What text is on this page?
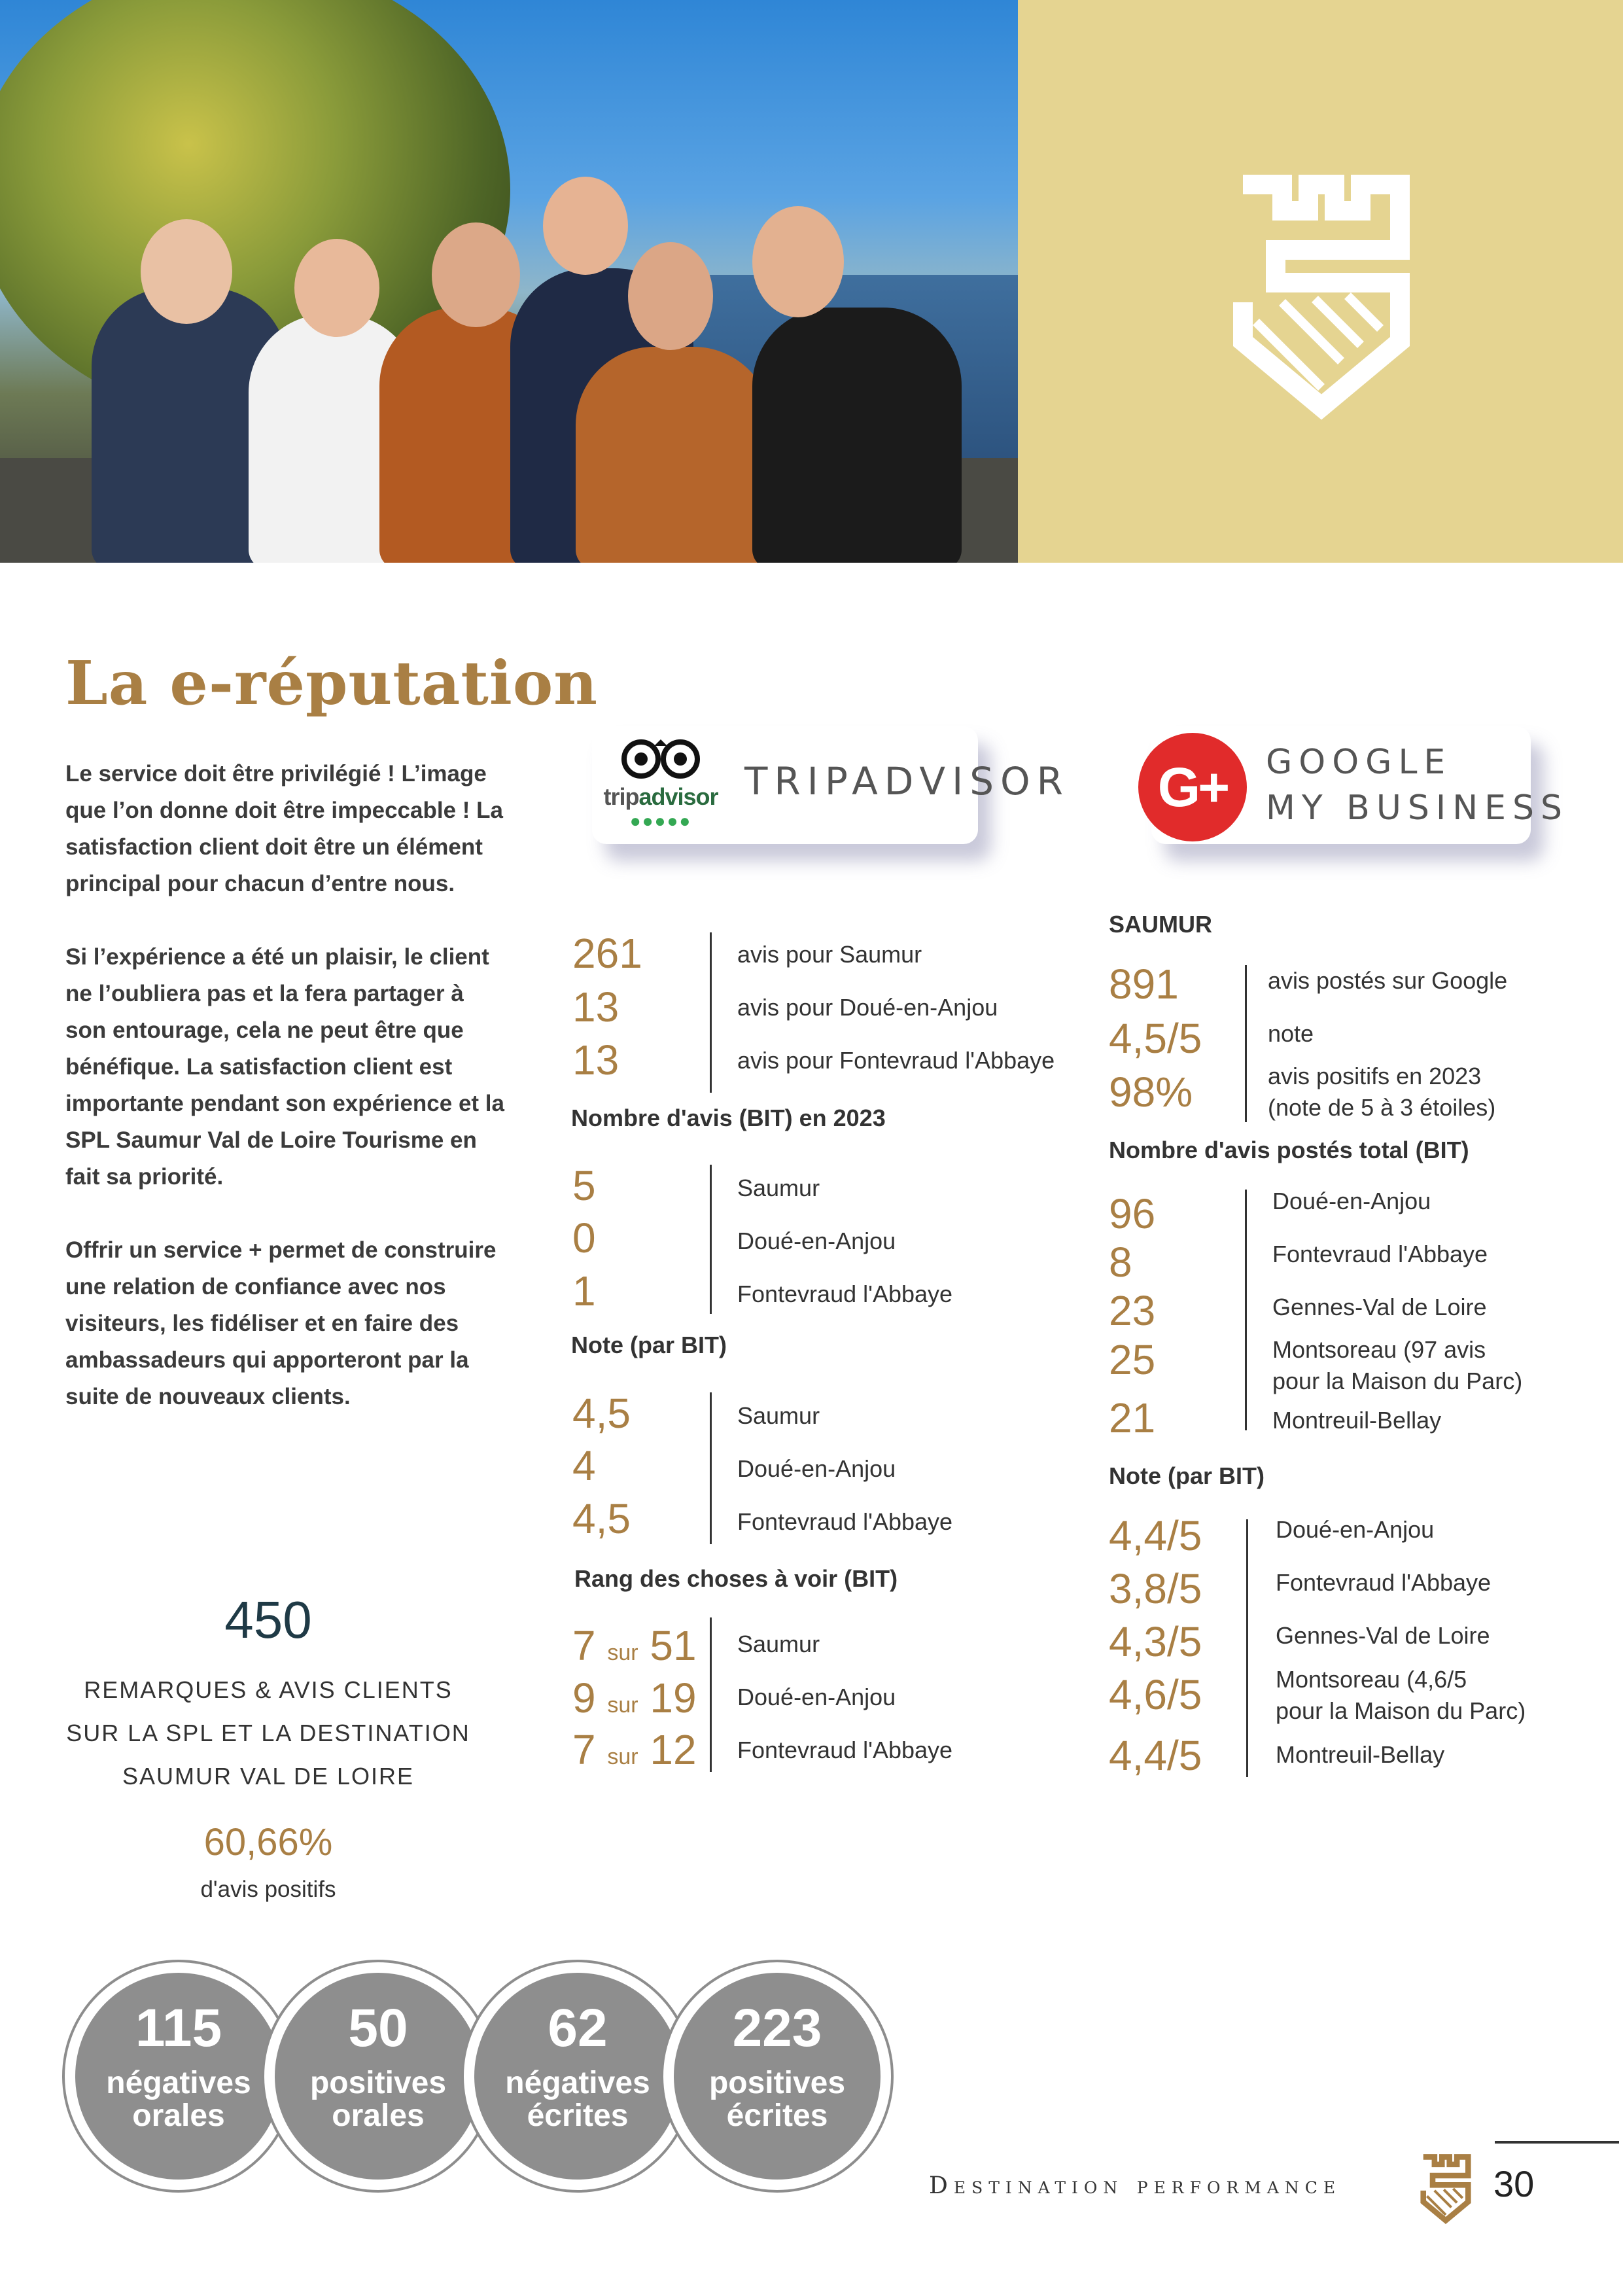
La e-réputation

Le service doit être privilégié ! L’image que l’on donne doit être impeccable ! La satisfaction client doit être un élément principal pour chacun d’entre nous.

Si l’expérience a été un plaisir, le client ne l’oubliera pas et la fera partager à son entourage, cela ne peut être que bénéfique. La satisfaction client est importante pendant son expérience et la SPL Saumur Val de Loire Tourisme en fait sa priorité.

Offrir un service + permet de construire une relation de confiance avec nos visiteurs, les fidéliser et en faire des ambassadeurs qui apporteront par la suite de nouveaux clients.

450
REMARQUES & AVIS CLIENTS
SUR LA SPL ET LA DESTINATION
SAUMUR VAL DE LOIRE
60,66%
d'avis positifs
115
négatives
orales
50
positives
orales
62
négatives
écrites
223
positives
écrites
tripadvisor
●●●●●
TRIPADVISOR	G+	GOOGLE
MY BUSINESS
261	avis pour Saumur
13	avis pour Doué-en-Anjou
13	avis pour Fontevraud l'Abbaye
Nombre d'avis (BIT) en 2023
5	Saumur
0	Doué-en-Anjou
1	Fontevraud l'Abbaye
Note (par BIT)
4,5	Saumur
4	Doué-en-Anjou
4,5	Fontevraud l'Abbaye
Rang des choses à voir (BIT)
7 sur 51 Saumur
9 sur 19 Doué-en-Anjou
7 sur 12 Fontevraud l'Abbaye
SAUMUR
891	avis postés sur Google
4,5/5	note
98%	avis positifs en 2023
(note de 5 à 3 étoiles)
Nombre d'avis postés total (BIT)
96	Doué-en-Anjou
8	Fontevraud l'Abbaye
23	Gennes-Val de Loire
25	Montsoreau (97 avis
pour la Maison du Parc)
21	Montreuil-Bellay
Note (par BIT)
4,4/5	Doué-en-Anjou
3,8/5	Fontevraud l'Abbaye
4,3/5	Gennes-Val de Loire
4,6/5	Montsoreau (4,6/5
pour la Maison du Parc)
4,4/5	Montreuil-Bellay
Destination performance	30
